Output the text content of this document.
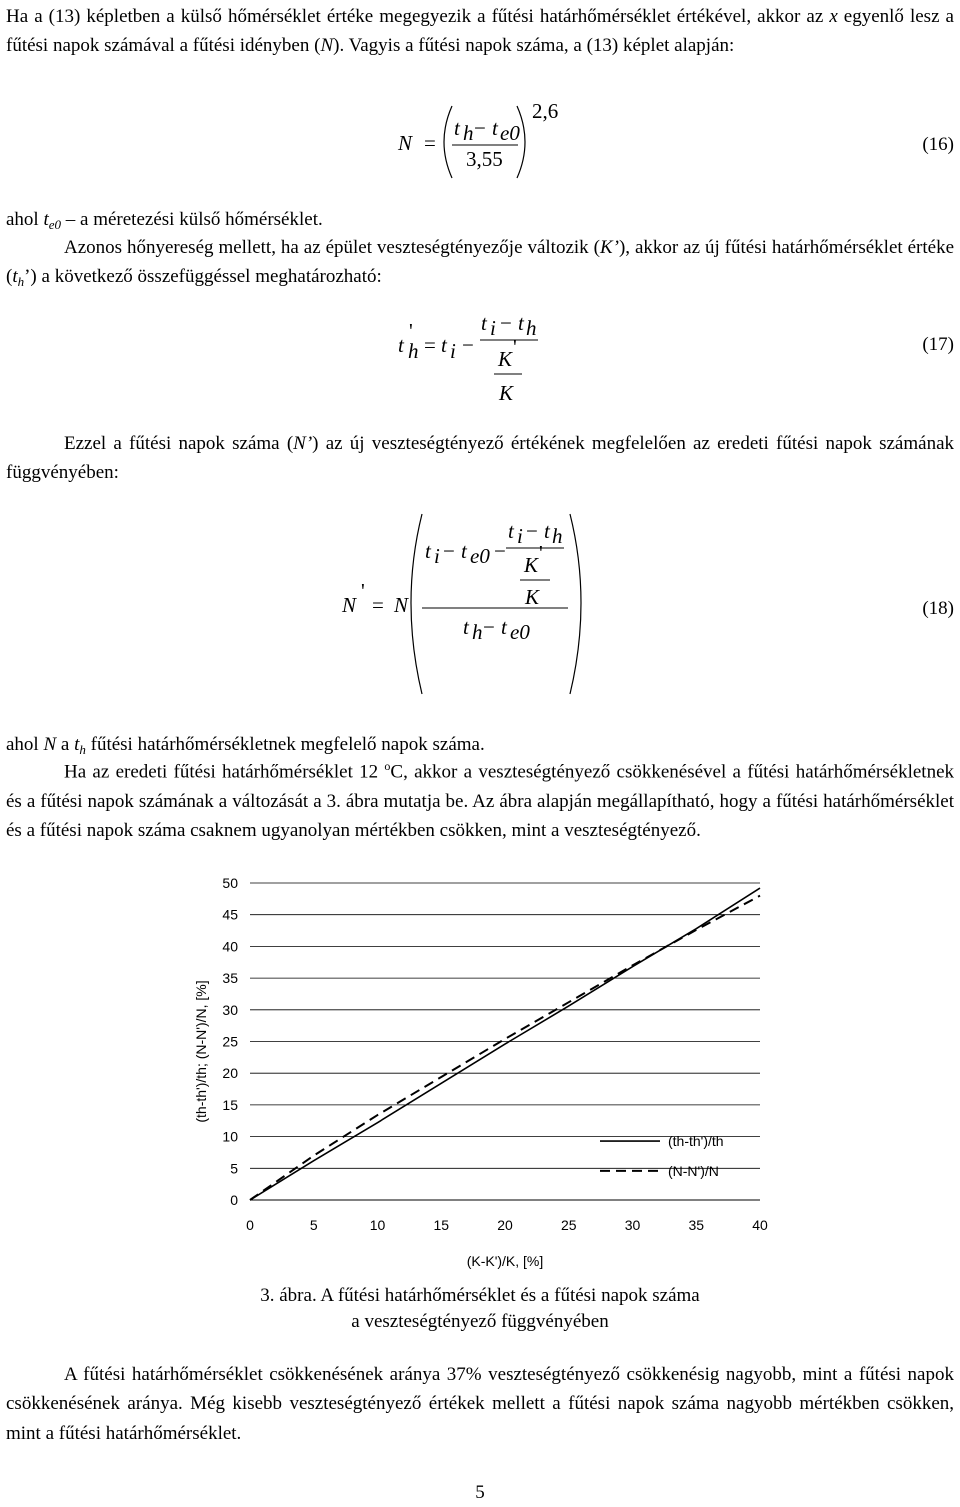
Ha a (13) képletben a külső hőmérséklet értéke megegyezik a fűtési határhőmérséklet értékével, akkor az x egyenlő lesz a fűtési napok számával a fűtési idényben (N). Vagyis a fűtési napok száma, a (13) képlet alapján:
N =
t h − t e0
3,55
2,6
(16)
ahol $t_{e0}$ – a méretezési külső hőmérséklet.
Azonos hőnyereség mellett, ha az épület veszteségtényezője változik (K’), akkor az új fűtési határhőmérséklet értéke $(t_h’)$ a következő összefüggéssel meghatározható:
t h
'
= t i −
t i − t h
K '
K
(17)
Ezzel a fűtési napok száma (N’) az új veszteségtényező értékének megfelelően az eredeti fűtési napok számának függvényében:
N
'
= N
t i − t e0 −
t i − t h
K '
K
t h − t e0
(18)
ahol N a $t_h$ fűtési határhőmérsékletnek megfelelő napok száma.
Ha az eredeti fűtési határhőmérséklet 12 $^o$C, akkor a veszteségtényező csökkenésével a fűtési határhőmérsékletnek és a fűtési napok számának a változását a 3. ábra mutatja be. Az ábra alapján megállapítható, hogy a fűtési határhőmérséklet és a fűtési napok száma csaknem ugyanolyan mértékben csökken, mint a veszteségtényező.
0
5
10
15
20
25
30
35
40
45
50
0	5	10	15	20	25	30	35	40
(K-K')/K, [%]
(th-th')/th; (N-N')/N, [%]
(th-th')/th
(N-N')/N
3. ábra. A fűtési határhőmérséklet és a fűtési napok száma
a veszteségtényező függvényében
A fűtési határhőmérséklet csökkenésének aránya 37% veszteségtényező csökkenésig nagyobb, mint a fűtési napok csökkenésének aránya. Még kisebb veszteségtényező értékek mellett a fűtési napok száma nagyobb mértékben csökken, mint a fűtési határhőmérséklet.
5
